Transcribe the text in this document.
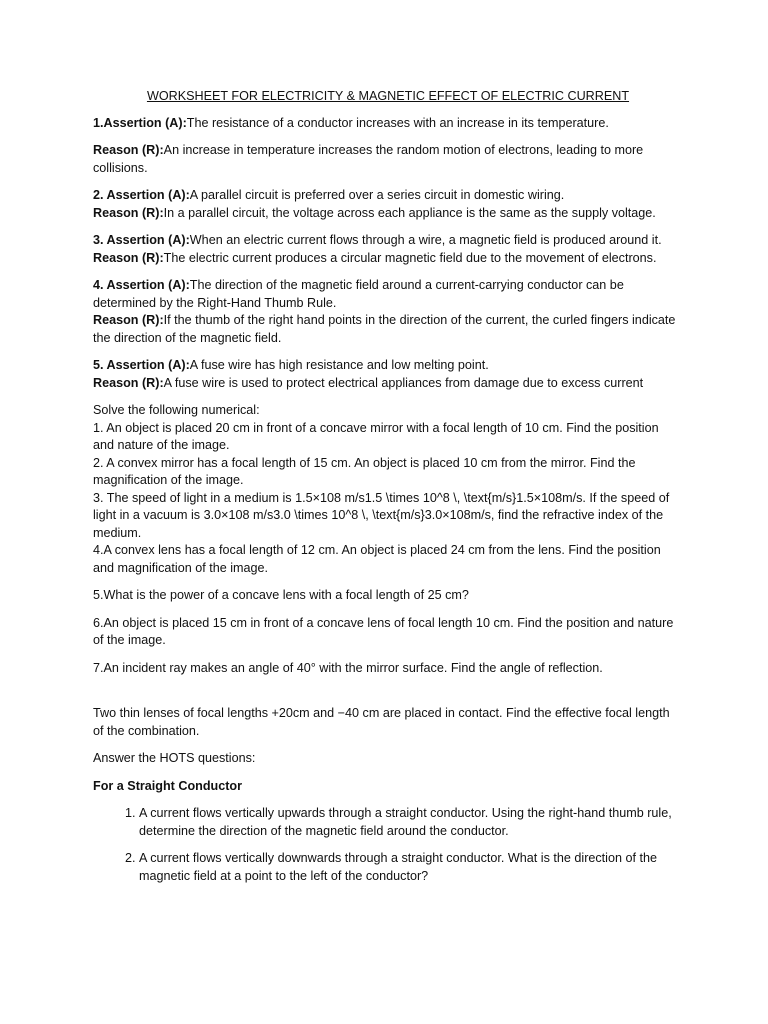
WORKSHEET FOR ELECTRICITY & MAGNETIC EFFECT OF ELECTRIC CURRENT

1.Assertion (A):The resistance of a conductor increases with an increase in its temperature.

Reason (R):An increase in temperature increases the random motion of electrons, leading to more collisions.

2. Assertion (A):A parallel circuit is preferred over a series circuit in domestic wiring.
Reason (R):In a parallel circuit, the voltage across each appliance is the same as the supply voltage.

3. Assertion (A):When an electric current flows through a wire, a magnetic field is produced around it.
Reason (R):The electric current produces a circular magnetic field due to the movement of electrons.

4. Assertion (A):The direction of the magnetic field around a current-carrying conductor can be determined by the Right-Hand Thumb Rule.
Reason (R):If the thumb of the right hand points in the direction of the current, the curled fingers indicate the direction of the magnetic field.

5. Assertion (A):A fuse wire has high resistance and low melting point.
Reason (R):A fuse wire is used to protect electrical appliances from damage due to excess current

Solve the following numerical:

1. An object is placed 20 cm in front of a concave mirror with a focal length of 10 cm. Find the position and nature of the image.

2. A convex mirror has a focal length of 15 cm. An object is placed 10 cm from the mirror. Find the magnification of the image.

3. The speed of light in a medium is 1.5×108 m/s1.5 \times 10^8 \, \text{m/s}1.5×108m/s. If the speed of light in a vacuum is 3.0×108 m/s3.0 \times 10^8 \, \text{m/s}3.0×108m/s, find the refractive index of the medium.

4.A convex lens has a focal length of 12 cm. An object is placed 24 cm from the lens. Find the position and magnification of the image.

5.What is the power of a concave lens with a focal length of 25 cm?

6.An object is placed 15 cm in front of a concave lens of focal length 10 cm. Find the position and nature of the image.

7.An incident ray makes an angle of 40° with the mirror surface. Find the angle of reflection.

Two thin lenses of focal lengths +20cm and −40 cm are placed in contact. Find the effective focal length of the combination.

Answer the HOTS questions:

For a Straight Conductor

1. A current flows vertically upwards through a straight conductor. Using the right-hand thumb rule, determine the direction of the magnetic field around the conductor.
2. A current flows vertically downwards through a straight conductor. What is the direction of the magnetic field at a point to the left of the conductor?
